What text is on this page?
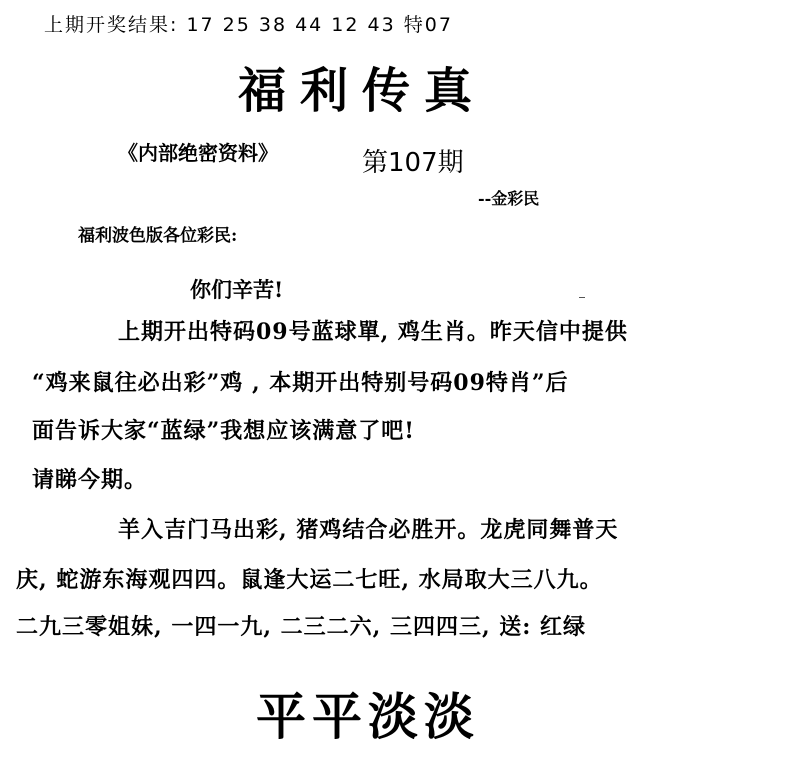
上期开奖结果: 17 25 38 44 12 43 特07
福利传真
《内部绝密资料》	第107期
--金彩民
福利波色版各位彩民:
你们辛苦!
上期开出特码09号蓝球單, 鸡生肖。昨天信中提供
“鸡来鼠往必出彩”鸡 , 本期开出特别号码09特肖”后
面告诉大家“蓝绿”我想应该满意了吧!
请睇今期。
羊入吉门马出彩, 猪鸡结合必胜开。龙虎同舞普天
庆, 蛇游东海观四四。鼠逢大运二七旺, 水局取大三八九。
二九三零姐妹, 一四一九, 二三二六, 三四四三, 送: 红绿
平平淡淡
